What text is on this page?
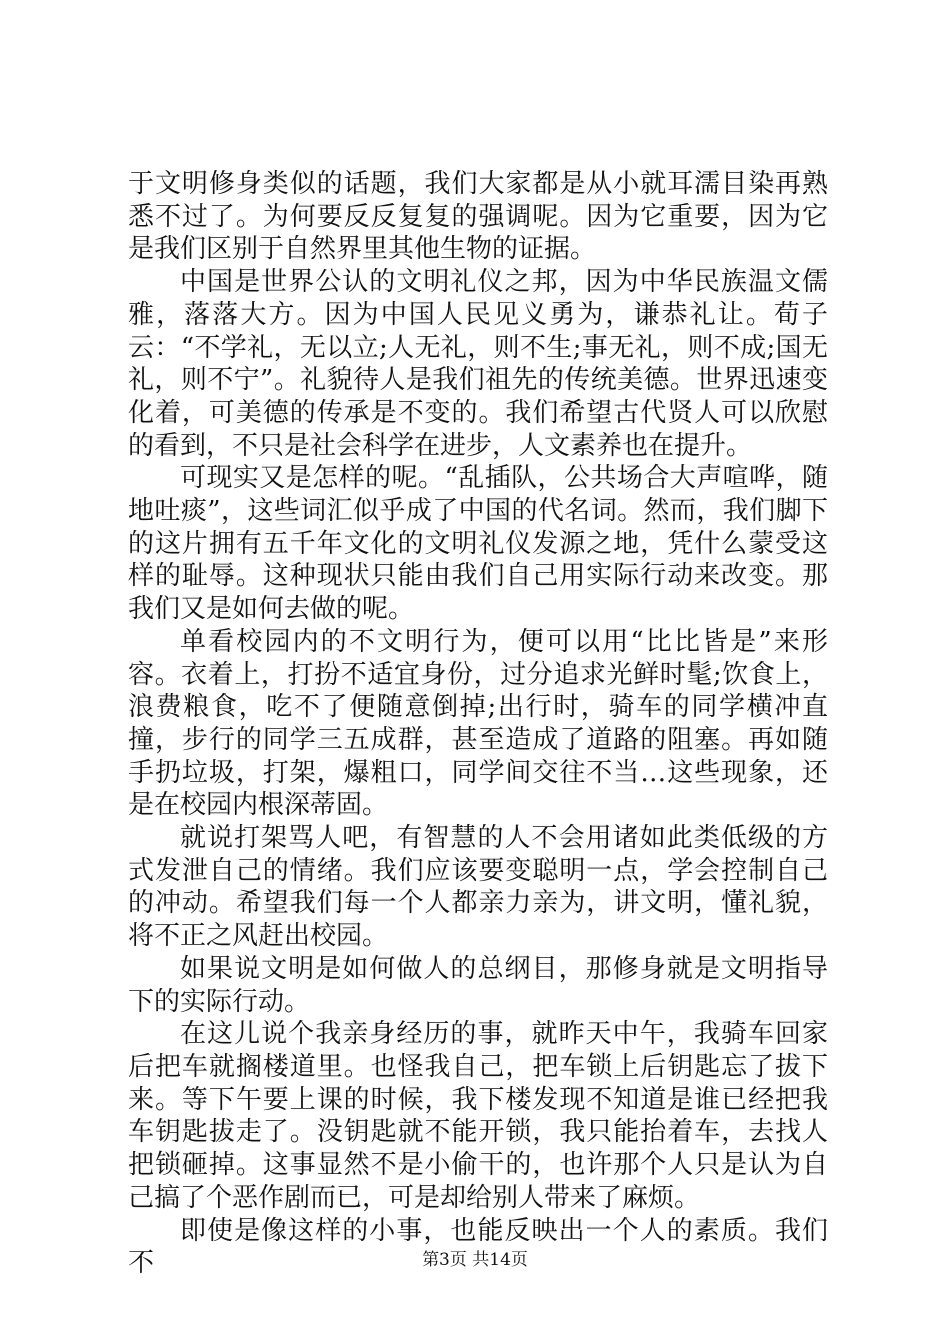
于文明修身类似的话题，我们大家都是从小就耳濡目染再熟悉不过了。为何要反反复复的强调呢。因为它重要，因为它是我们区别于自然界里其他生物的证据。

中国是世界公认的文明礼仪之邦，因为中华民族温文儒雅，落落大方。因为中国人民见义勇为，谦恭礼让。荀子云：“不学礼，无以立;人无礼，则不生;事无礼，则不成;国无礼，则不宁”。礼貌待人是我们祖先的传统美德。世界迅速变化着，可美德的传承是不变的。我们希望古代贤人可以欣慰的看到，不只是社会科学在进步，人文素养也在提升。

可现实又是怎样的呢。“乱插队，公共场合大声喧哗，随地吐痰”，这些词汇似乎成了中国的代名词。然而，我们脚下的这片拥有五千年文化的文明礼仪发源之地，凭什么蒙受这样的耻辱。这种现状只能由我们自己用实际行动来改变。那我们又是如何去做的呢。

单看校园内的不文明行为，便可以用“比比皆是”来形容。衣着上，打扮不适宜身份，过分追求光鲜时髦;饮食上，浪费粮食，吃不了便随意倒掉;出行时，骑车的同学横冲直撞，步行的同学三五成群，甚至造成了道路的阻塞。再如随手扔垃圾，打架，爆粗口，同学间交往不当…这些现象，还是在校园内根深蒂固。

就说打架骂人吧，有智慧的人不会用诸如此类低级的方式发泄自己的情绪。我们应该要变聪明一点，学会控制自己的冲动。希望我们每一个人都亲力亲为，讲文明，懂礼貌，将不正之风赶出校园。

如果说文明是如何做人的总纲目，那修身就是文明指导下的实际行动。

在这儿说个我亲身经历的事，就昨天中午，我骑车回家后把车就搁楼道里。也怪我自己，把车锁上后钥匙忘了拔下来。等下午要上课的时候，我下楼发现不知道是谁已经把我车钥匙拔走了。没钥匙就不能开锁，我只能抬着车，去找人把锁砸掉。这事显然不是小偷干的，也许那个人只是认为自己搞了个恶作剧而已，可是却给别人带来了麻烦。

即使是像这样的小事，也能反映出一个人的素质。我们不	第3页 共14页
